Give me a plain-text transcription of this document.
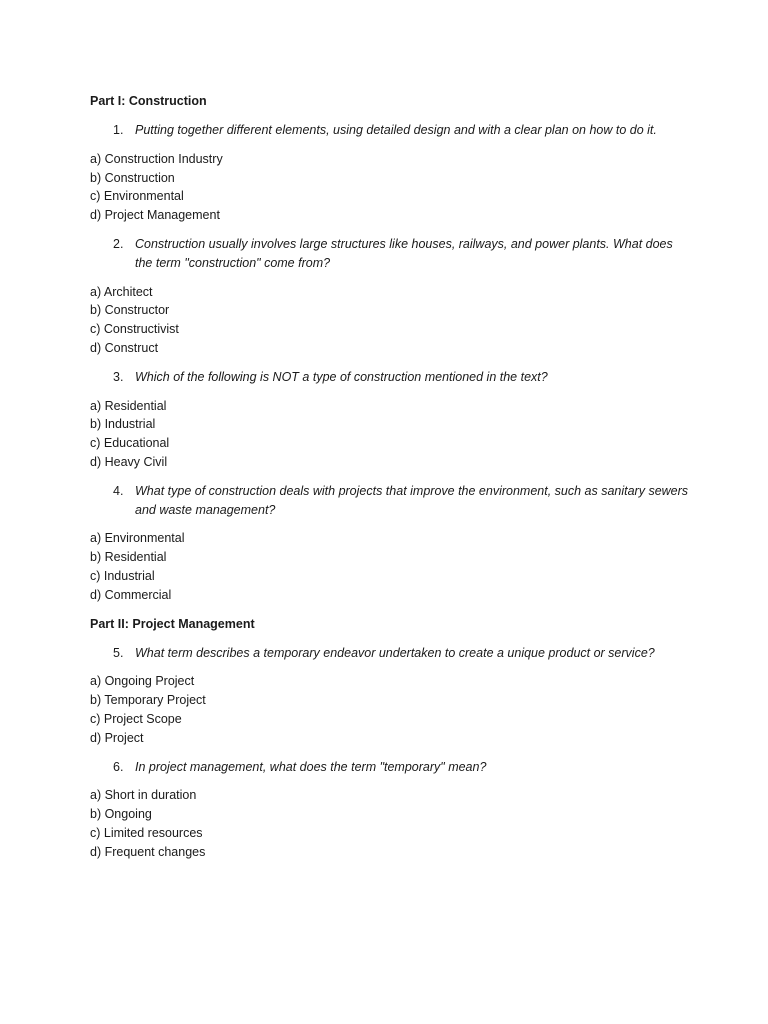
Part I: Construction
1. Putting together different elements, using detailed design and with a clear plan on how to do it.
a) Construction Industry
b) Construction
c) Environmental
d) Project Management
2. Construction usually involves large structures like houses, railways, and power plants. What does the term "construction" come from?
a) Architect
b) Constructor
c) Constructivist
d) Construct
3. Which of the following is NOT a type of construction mentioned in the text?
a) Residential
b) Industrial
c) Educational
d) Heavy Civil
4. What type of construction deals with projects that improve the environment, such as sanitary sewers and waste management?
a) Environmental
b) Residential
c) Industrial
d) Commercial
Part II: Project Management
5. What term describes a temporary endeavor undertaken to create a unique product or service?
a) Ongoing Project
b) Temporary Project
c) Project Scope
d) Project
6. In project management, what does the term "temporary" mean?
a) Short in duration
b) Ongoing
c) Limited resources
d) Frequent changes
